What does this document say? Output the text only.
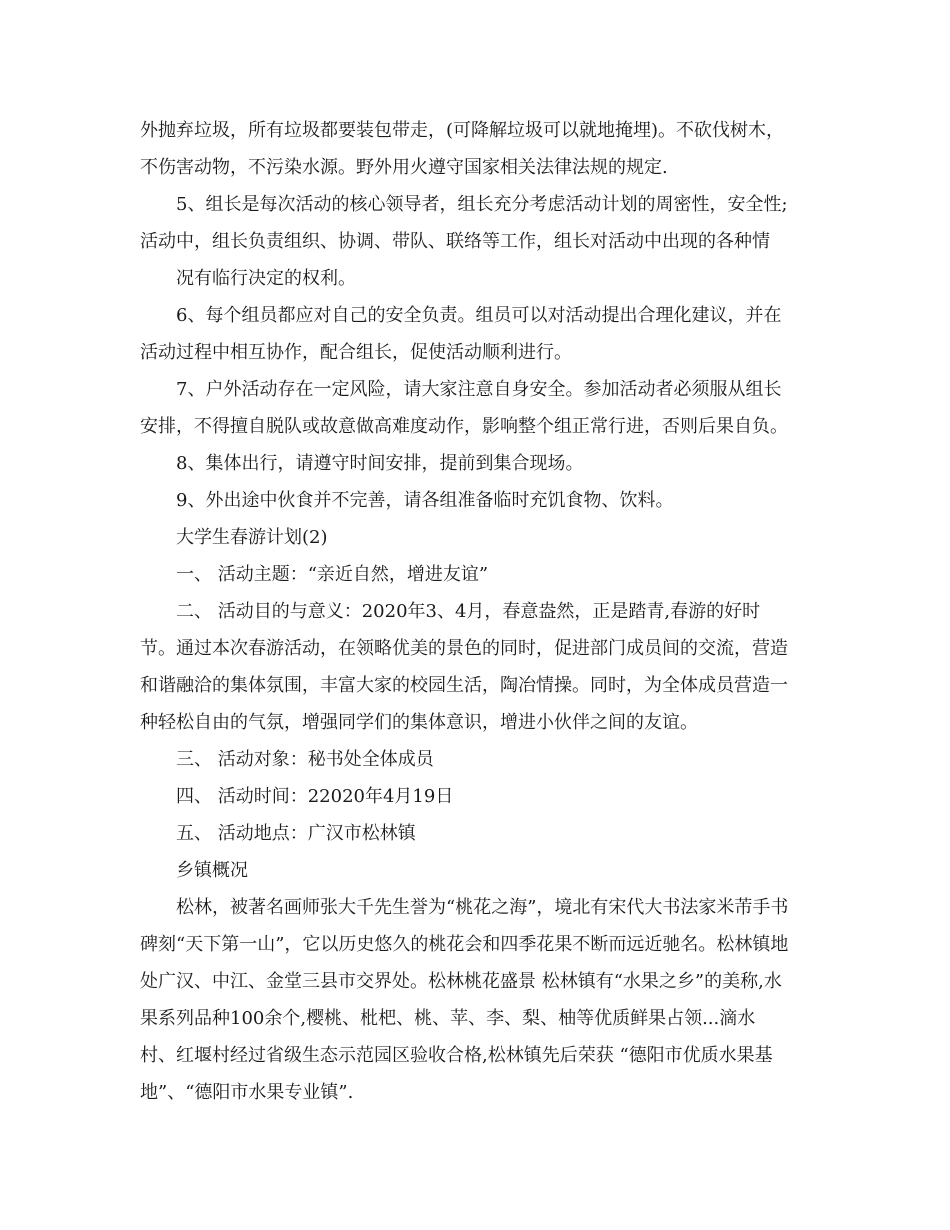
外抛弃垃圾，所有垃圾都要装包带走，(可降解垃圾可以就地掩埋)。不砍伐树木，
不伤害动物，不污染水源。野外用火遵守国家相关法律法规的规定.
5、组长是每次活动的核心领导者，组长充分考虑活动计划的周密性，安全性;
活动中，组长负责组织、协调、带队、联络等工作，组长对活动中出现的各种情
况有临行决定的权利。
6、每个组员都应对自己的安全负责。组员可以对活动提出合理化建议，并在
活动过程中相互协作，配合组长，促使活动顺利进行。
7、户外活动存在一定风险，请大家注意自身安全。参加活动者必须服从组长
安排，不得擅自脱队或故意做高难度动作，影响整个组正常行进，否则后果自负。
8、集体出行，请遵守时间安排，提前到集合现场。
9、外出途中伙食并不完善，请各组准备临时充饥食物、饮料。
大学生春游计划(2)
一、 活动主题：“亲近自然，增进友谊”
二、 活动目的与意义：2020年3、4月，春意盎然，正是踏青,春游的好时
节。通过本次春游活动，在领略优美的景色的同时，促进部门成员间的交流，营造
和谐融洽的集体氛围，丰富大家的校园生活，陶冶情操。同时，为全体成员营造一
种轻松自由的气氛，增强同学们的集体意识，增进小伙伴之间的友谊。
三、 活动对象：秘书处全体成员
四、 活动时间：22020年4月19日
五、 活动地点：广汉市松林镇
乡镇概况
松林，被著名画师张大千先生誉为“桃花之海”，境北有宋代大书法家米芾手书
碑刻“天下第一山”，它以历史悠久的桃花会和四季花果不断而远近驰名。松林镇地
处广汉、中江、金堂三县市交界处。松林桃花盛景 松林镇有“水果之乡”的美称,水
果系列品种100余个,樱桃、枇杷、桃、苹、李、梨、柚等优质鲜果占领...滴水
村、红堰村经过省级生态示范园区验收合格,松林镇先后荣获 “德阳市优质水果基
地”、“德阳市水果专业镇”.
